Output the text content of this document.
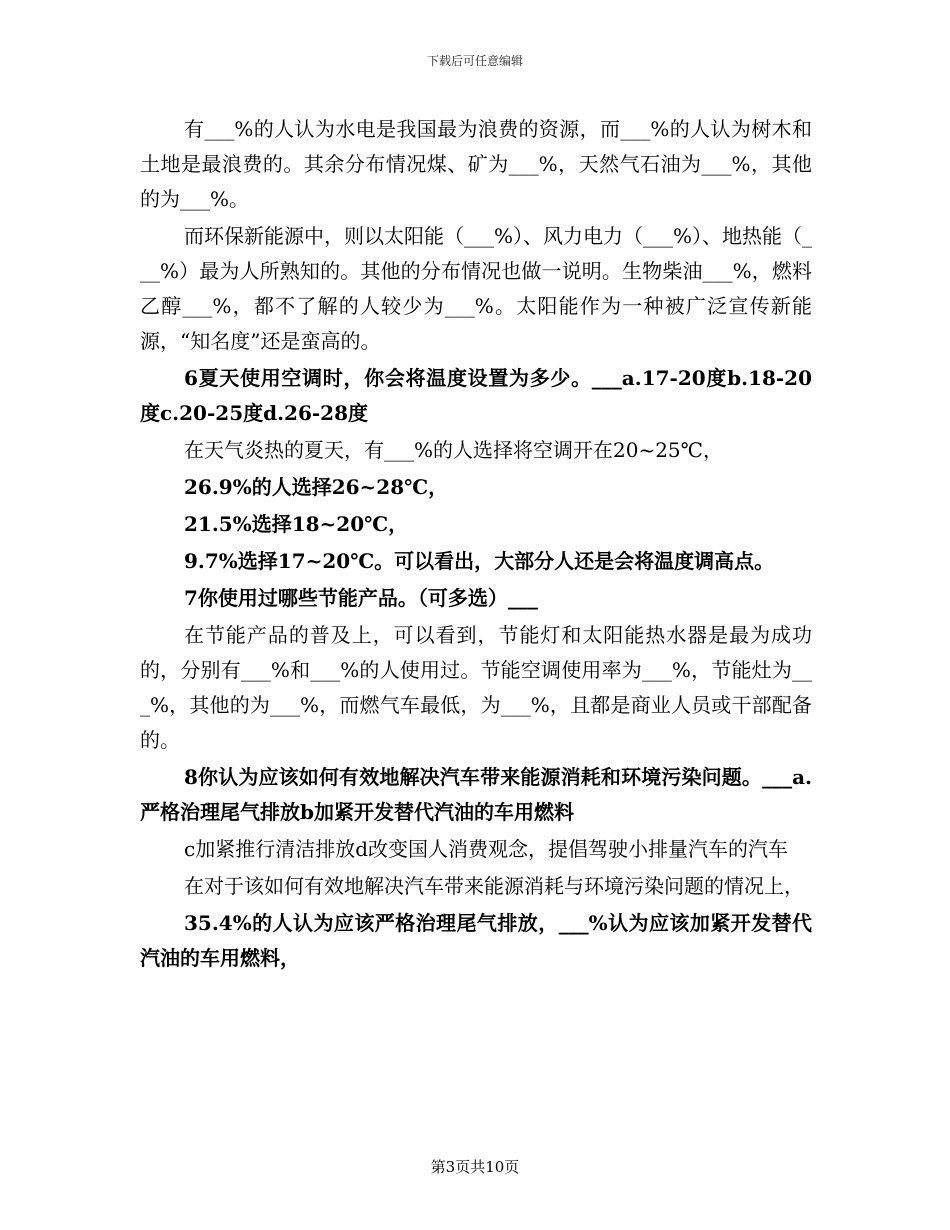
下载后可任意编辑

有___%的人认为水电是我国最为浪费的资源，而___%的人认为树木和土地是最浪费的。其余分布情况煤、矿为___%，天然气石油为___%，其他的为___%。

而环保新能源中，则以太阳能（___%）、风力电力（___%）、地热能（___%）最为人所熟知的。其他的分布情况也做一说明。生物柴油___%，燃料乙醇___%，都不了解的人较少为___%。太阳能作为一种被广泛宣传新能源，“知名度”还是蛮高的。

6夏天使用空调时，你会将温度设置为多少。___a.17-20度b.18-20度c.20-25度d.26-28度

在天气炎热的夏天，有___%的人选择将空调开在20~25℃，

26.9%的人选择26~28℃，

21.5%选择18~20℃，

9.7%选择17~20℃。可以看出，大部分人还是会将温度调高点。

7你使用过哪些节能产品。（可多选）___

在节能产品的普及上，可以看到，节能灯和太阳能热水器是最为成功的，分别有___%和___%的人使用过。节能空调使用率为___%，节能灶为___%，其他的为___%，而燃气车最低，为___%，且都是商业人员或干部配备的。

8你认为应该如何有效地解决汽车带来能源消耗和环境污染问题。___a.严格治理尾气排放b加紧开发替代汽油的车用燃料

c加紧推行清洁排放d改变国人消费观念，提倡驾驶小排量汽车的汽车

在对于该如何有效地解决汽车带来能源消耗与环境污染问题的情况上，

35.4%的人认为应该严格治理尾气排放，___%认为应该加紧开发替代汽油的车用燃料，

第3页共10页
